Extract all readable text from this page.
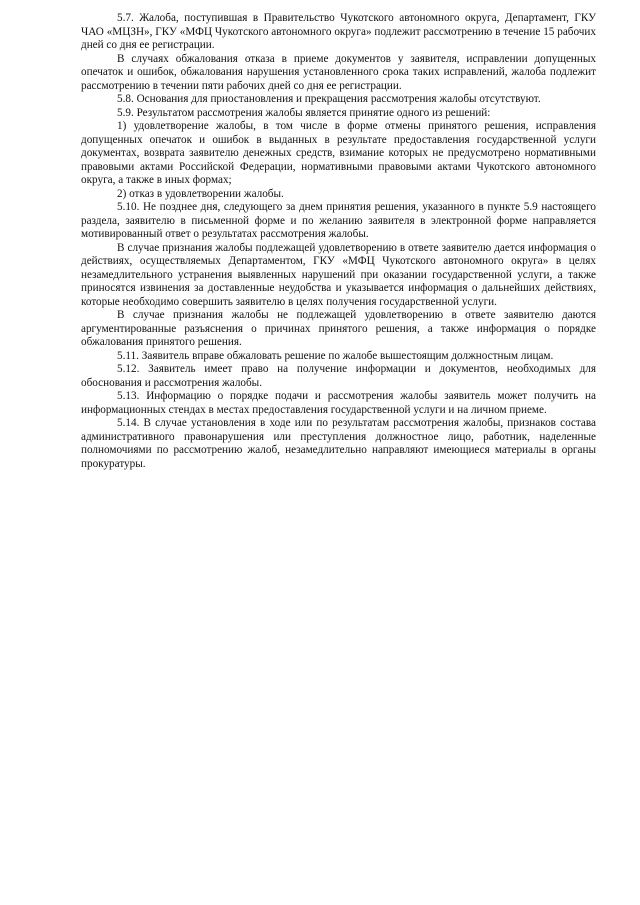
5.7. Жалоба, поступившая в Правительство Чукотского автономного округа, Департамент, ГКУ ЧАО «МЦЗН», ГКУ «МФЦ Чукотского автономного округа» подлежит рассмотрению в течение 15 рабочих дней со дня ее регистрации.

В случаях обжалования отказа в приеме документов у заявителя, исправлении допущенных опечаток и ошибок, обжалования нарушения установленного срока таких исправлений, жалоба подлежит рассмотрению в течении пяти рабочих дней со дня ее регистрации.

5.8. Основания для приостановления и прекращения рассмотрения жалобы отсутствуют.

5.9. Результатом рассмотрения жалобы является принятие одного из решений:

1) удовлетворение жалобы, в том числе в форме отмены принятого решения, исправления допущенных опечаток и ошибок в выданных в результате предоставления государственной услуги документах, возврата заявителю денежных средств, взимание которых не предусмотрено нормативными правовыми актами Российской Федерации, нормативными правовыми актами Чукотского автономного округа, а также в иных формах;

2) отказ в удовлетворении жалобы.

5.10. Не позднее дня, следующего за днем принятия решения, указанного в пункте 5.9 настоящего раздела, заявителю в письменной форме и по желанию заявителя в электронной форме направляется мотивированный ответ о результатах рассмотрения жалобы.

В случае признания жалобы подлежащей удовлетворению в ответе заявителю дается информация о действиях, осуществляемых Департаментом, ГКУ «МФЦ Чукотского автономного округа» в целях незамедлительного устранения выявленных нарушений при оказании государственной услуги, а также приносятся извинения за доставленные неудобства и указывается информация о дальнейших действиях, которые необходимо совершить заявителю в целях получения государственной услуги.

В случае признания жалобы не подлежащей удовлетворению в ответе заявителю даются аргументированные разъяснения о причинах принятого решения, а также информация о порядке обжалования принятого решения.

5.11. Заявитель вправе обжаловать решение по жалобе вышестоящим должностным лицам.

5.12. Заявитель имеет право на получение информации и документов, необходимых для обоснования и рассмотрения жалобы.

5.13. Информацию о порядке подачи и рассмотрения жалобы заявитель может получить на информационных стендах в местах предоставления государственной услуги и на личном приеме.

5.14. В случае установления в ходе или по результатам рассмотрения жалобы, признаков состава административного правонарушения или преступления должностное лицо, работник, наделенные полномочиями по рассмотрению жалоб, незамедлительно направляют имеющиеся материалы в органы прокуратуры.
